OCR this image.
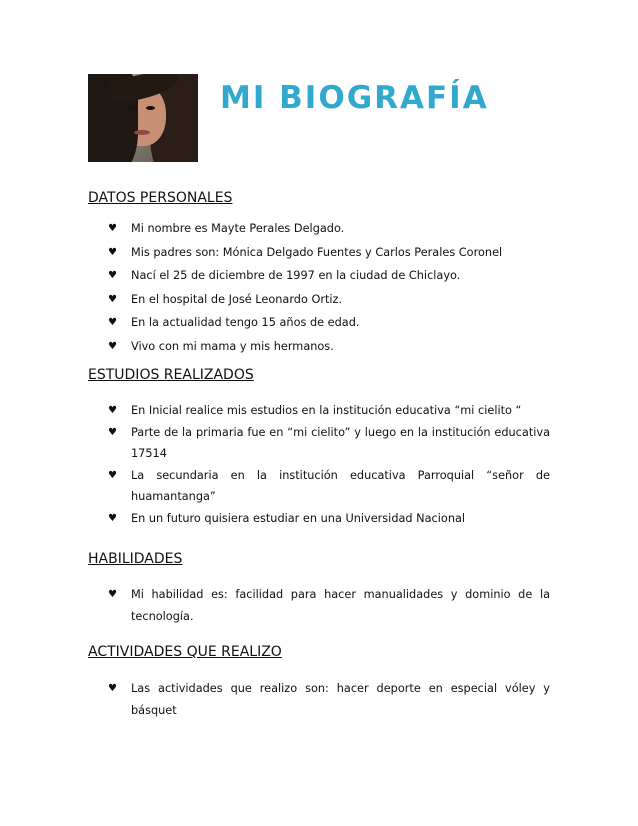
MI BIOGRAFÍA
DATOS PERSONALES
♥ Mi nombre es Mayte Perales Delgado.
♥ Mis padres son: Mónica Delgado Fuentes y Carlos Perales Coronel
♥ Nací el 25 de diciembre de 1997 en la ciudad de Chiclayo.
♥ En el hospital de José Leonardo Ortiz.
♥ En la actualidad tengo 15 años de edad.
♥ Vivo con mi mama y mis hermanos.
ESTUDIOS REALIZADOS
♥ En Inicial realice mis estudios en la institución educativa “mi cielito “
♥ Parte de la primaria fue en “mi cielito” y luego en la institución educativa 17514
♥ La secundaria en la institución educativa Parroquial “señor de huamantanga”
♥ En un futuro quisiera estudiar en una Universidad Nacional
HABILIDADES
♥ Mi habilidad es: facilidad para hacer manualidades y dominio de la tecnología.
ACTIVIDADES QUE REALIZO
♥ Las actividades que realizo son: hacer deporte en especial vóley y básquet
